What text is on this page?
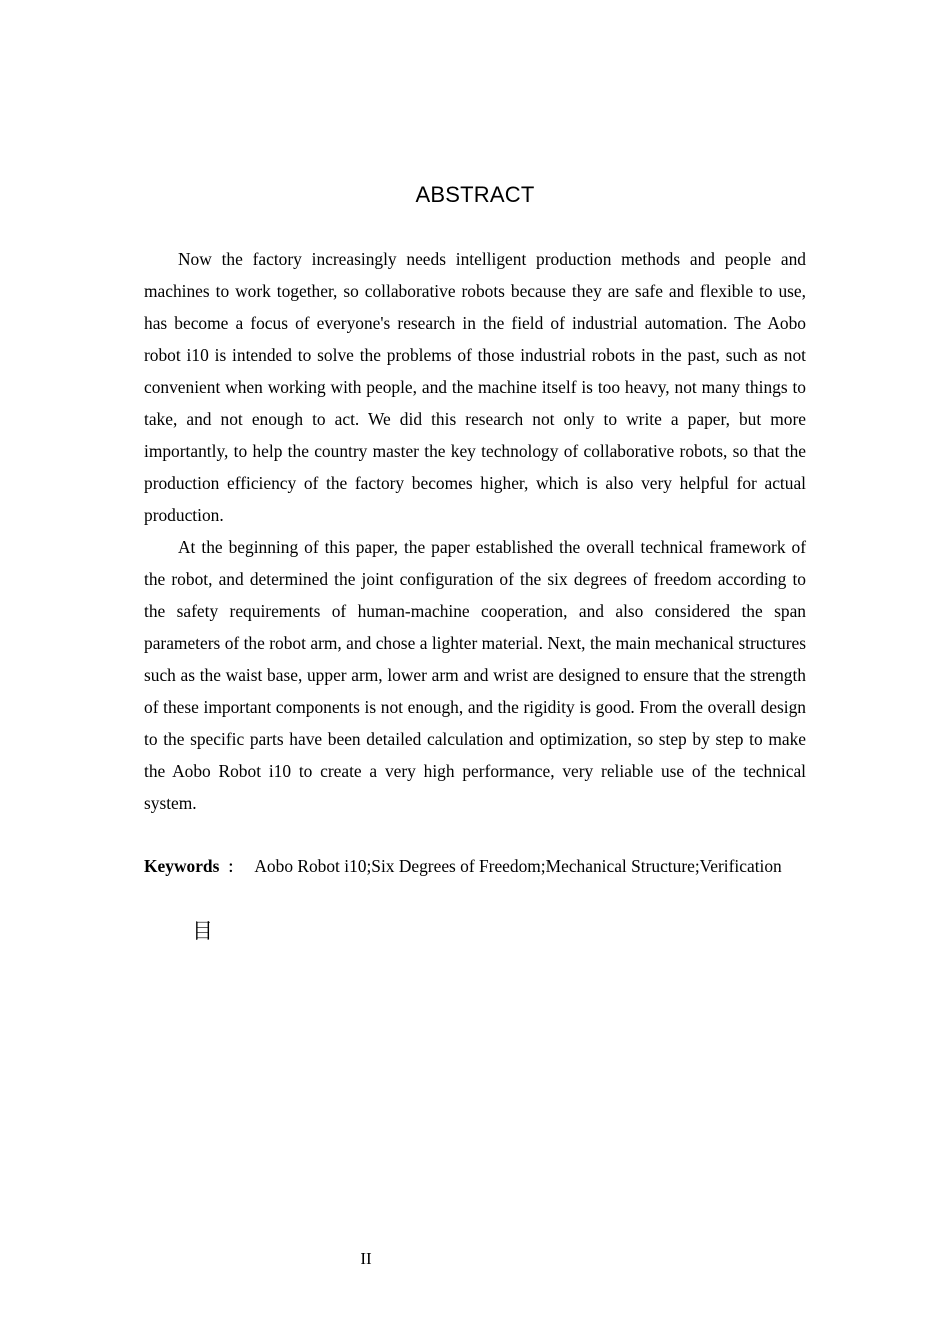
ABSTRACT

Now the factory increasingly needs intelligent production methods and people and machines to work together, so collaborative robots because they are safe and flexible to use, has become a focus of everyone's research in the field of industrial automation. The Aobo robot i10 is intended to solve the problems of those industrial robots in the past, such as not convenient when working with people, and the machine itself is too heavy, not many things to take, and not enough to act. We did this research not only to write a paper, but more importantly, to help the country master the key technology of collaborative robots, so that the production efficiency of the factory becomes higher, which is also very helpful for actual production.

At the beginning of this paper, the paper established the overall technical framework of the robot, and determined the joint configuration of the six degrees of freedom according to the safety requirements of human-machine cooperation, and also considered the span parameters of the robot arm, and chose a lighter material. Next, the main mechanical structures such as the waist base, upper arm, lower arm and wrist are designed to ensure that the strength of these important components is not enough, and the rigidity is good. From the overall design to the specific parts have been detailed calculation and optimization, so step by step to make the Aobo Robot i10 to create a very high performance, very reliable use of the technical system.

Keywords ： Aobo Robot i10;Six Degrees of Freedom;Mechanical Structure;Verification
目
II
